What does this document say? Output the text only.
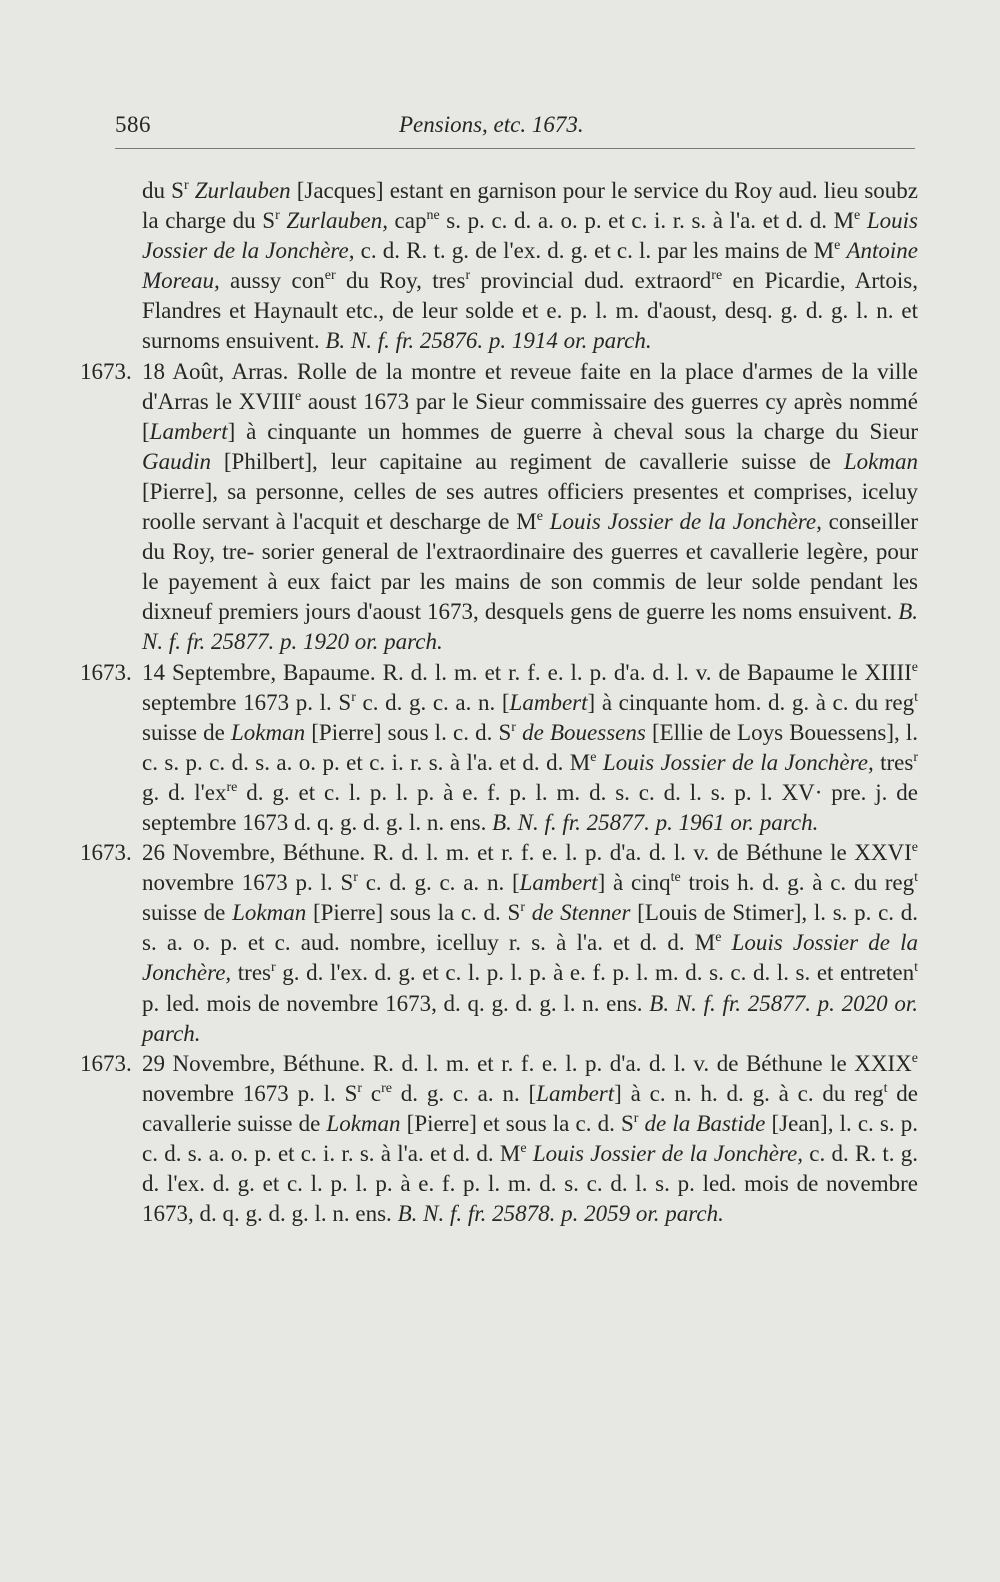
586	Pensions, etc. 1673.

du $S^r$ Zurlauben [Jacques] estant en garnison pour le service du Roy aud. lieu soubz la charge du $S^r$ Zurlauben, cap$^{ne}$ s. p. c. d. a. o. p. et c. i. r. s. à l'a. et d. d. Me Louis Jossier de la Jonchère, c. d. R. t. g. de l'ex. d. g. et c. l. par les mains de Me Antoine Moreau, aussy con$^{er}$ du Roy, tres$^r$ provincial dud. extraord$^{re}$ en Picardie, Artois, Flandres et Haynault etc., de leur solde et e. p. l. m. d'aoust, desq. g. d. g. l. n. et surnoms ensuivent. B. N. f. fr. 25876. p. 1914 or. parch.

1673. 18 Août, Arras. Rolle de la montre et reveue faite en la place d'armes de la ville d'Arras le XVIIIe aoust 1673 par le Sieur commissaire des guerres cy après nommé [Lambert] à cinquante un hommes de guerre à cheval sous la charge du Sieur Gaudin [Philbert], leur capitaine au regiment de cavallerie suisse de Lokman [Pierre], sa personne, celles de ses autres officiers presentes et comprises, iceluy roolle servant à l'acquit et descharge de Me Louis Jossier de la Jonchère, conseiller du Roy, tre- sorier general de l'extraordinaire des guerres et cavallerie legère, pour le payement à eux faict par les mains de son commis de leur solde pendant les dixneuf premiers jours d'aoust 1673, desquels gens de guerre les noms ensuivent. B. N. f. fr. 25877. p. 1920 or. parch.

1673. 14 Septembre, Bapaume. R. d. l. m. et r. f. e. l. p. d'a. d. l. v. de Bapaume le XIIIIe septembre 1673 p. l. $S^r$ c. d. g. c. a. n. [Lambert] à cinquante hom. d. g. à c. du reg$^t$ suisse de Lokman [Pierre] sous l. c. d. $S^r$ de Bouessens [Ellie de Loys Bouessens], l. c. s. p. c. d. s. a. o. p. et c. i. r. s. à l'a. et d. d. Me Louis Jossier de la Jonchère, tres$^r$ g. d. $l'ex^{re}$ d. g. et c. l. p. l. p. à e. f. p. l. m. d. s. c. d. l. s. p. l. XV· pre. j. de septembre 1673 d. q. g. d. g. l. n. ens. B. N. f. fr. 25877. p. 1961 or. parch.

1673. 26 Novembre, Béthune. R. d. l. m. et r. f. e. l. p. d'a. d. l. v. de Béthune le XXVIe novembre 1673 p. l. $S^r$ c. d. g. c. a. n. [Lambert] à cinq$^{te}$ trois h. d. g. à c. du reg$^t$ suisse de Lokman [Pierre] sous la c. d. $S^r$ de Stenner [Louis de Stimer], l. s. p. c. d. s. a. o. p. et c. aud. nombre, icelluy r. s. à l'a. et d. d. Me Louis Jossier de la Jonchère, tres$^r$ g. d. l'ex. d. g. et c. l. p. l. p. à e. f. p. l. m. d. s. c. d. l. s. et entreten$^t$ p. led. mois de novembre 1673, d. q. g. d. g. l. n. ens. B. N. f. fr. 25877. p. 2020 or. parch.

1673. 29 Novembre, Béthune. R. d. l. m. et r. f. e. l. p. d'a. d. l. v. de Béthune le XXIXe novembre 1673 p. l. $S^r$ $c^{re}$ d. g. c. a. n. [Lambert] à c. n. h. d. g. à c. du reg$^t$ de cavallerie suisse de Lokman [Pierre] et sous la c. d. $S^r$ de la Bastide [Jean], l. c. s. p. c. d. s. a. o. p. et c. i. r. s. à l'a. et d. d. Me Louis Jossier de la Jonchère, c. d. R. t. g. d. l'ex. d. g. et c. l. p. l. p. à e. f. p. l. m. d. s. c. d. l. s. p. led. mois de novembre 1673, d. q. g. d. g. l. n. ens. B. N. f. fr. 25878. p. 2059 or. parch.
